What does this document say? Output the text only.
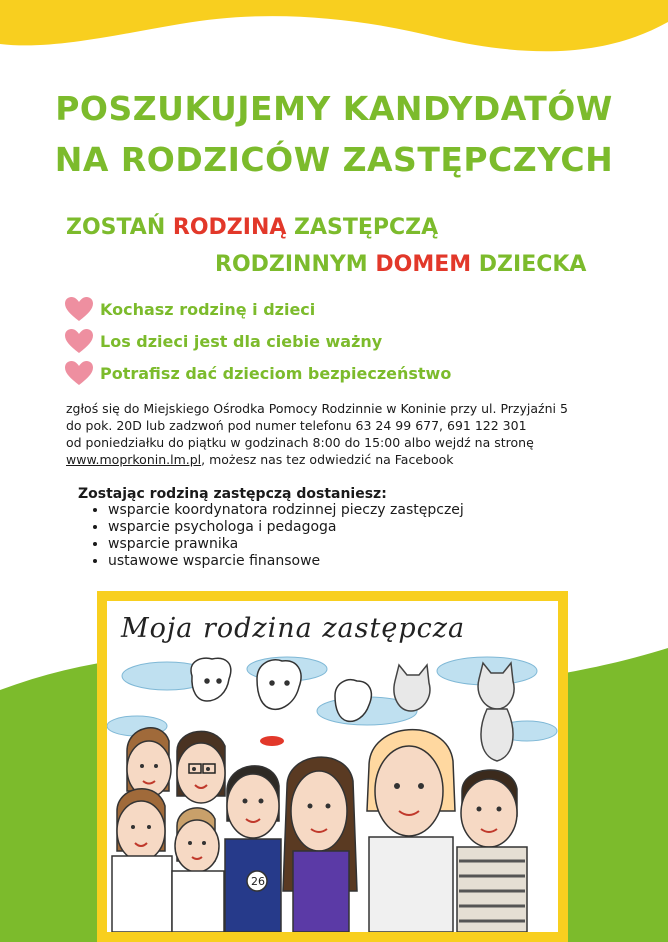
POSZUKUJEMY KANDYDATÓW
NA RODZICÓW ZASTĘPCZYCH
ZOSTAŃ RODZINĄ ZASTĘPCZĄ
RODZINNYM DOMEM DZIECKA
Kochasz rodzinę i dzieci
Los dzieci jest dla ciebie ważny
Potrafisz dać dzieciom bezpieczeństwo

zgłoś się do Miejskiego Ośrodka Pomocy Rodzinnie w Koninie przy ul. Przyjaźni 5

do pok. 20D lub zadzwoń pod numer telefonu 63 24 99 677, 691 122 301

od poniedziałku do piątku w godzinach 8:00 do 15:00 albo wejdź na stronę

www.moprkonin.lm.pl, możesz nas tez odwiedzić na Facebook

Zostając rodziną zastępczą dostaniesz:

• wsparcie koordynatora rodzinnej pieczy zastępczej
• wsparcie psychologa i pedagoga
• wsparcie prawnika
• ustawowe wsparcie finansowe
Moja rodzina zastępcza
26
